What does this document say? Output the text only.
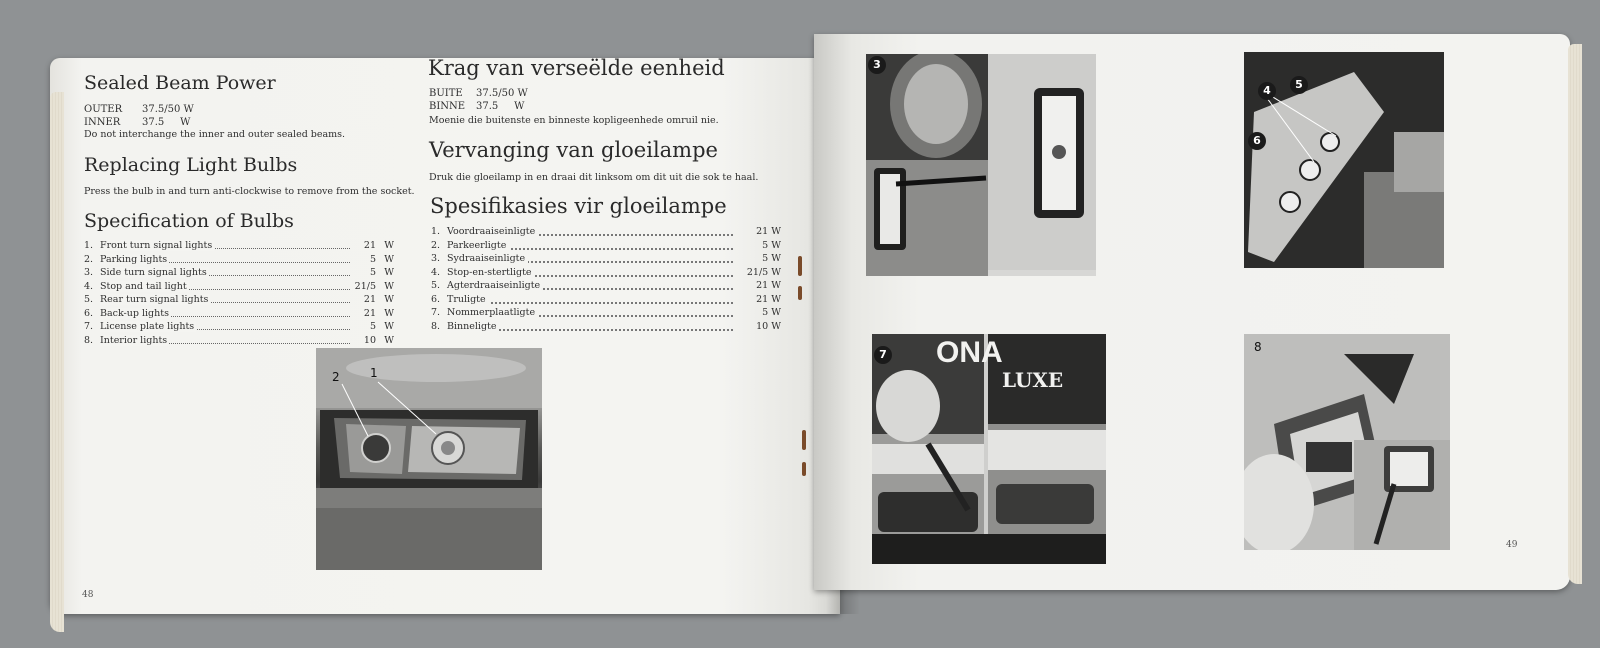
Sealed Beam Power
OUTER 37.5/50 W
INNER 37.5     W
Do not interchange the inner and outer sealed beams.
Replacing Light Bulbs
Press the bulb in and turn anti-clockwise to remove from the socket.
Specification of Bulbs
1. Front turn signal lights	21 W
2. Parking lights	5 W
3. Side turn signal lights	5 W
4. Stop and tail light	21/5 W
5. Rear turn signal lights	21 W
6. Back-up lights	21 W
7. License plate lights	5 W
8. Interior lights	10 W
Krag van verseëlde eenheid
BUITE 37.5/50 W
BINNE 37.5     W
Moenie die buitenste en binneste kopligeenhede omruil nie.
Vervanging van gloeilampe
Druk die gloeilamp in en draai dit linksom om dit uit die sok te haal.
Spesifikasies vir gloeilampe
1. Voordraaiseinligte	21 W
2. Parkeerligte	5 W
3. Sydraaiseinligte	5 W
4. Stop-en-stertligte	21/5 W
5. Agterdraaiseinligte	21 W
6. Truligte	21 W
7. Nommerplaatligte	5 W
8. Binneligte	10 W
2	1
48
3
4	5
6
ONA
LUXE
7
8
49
